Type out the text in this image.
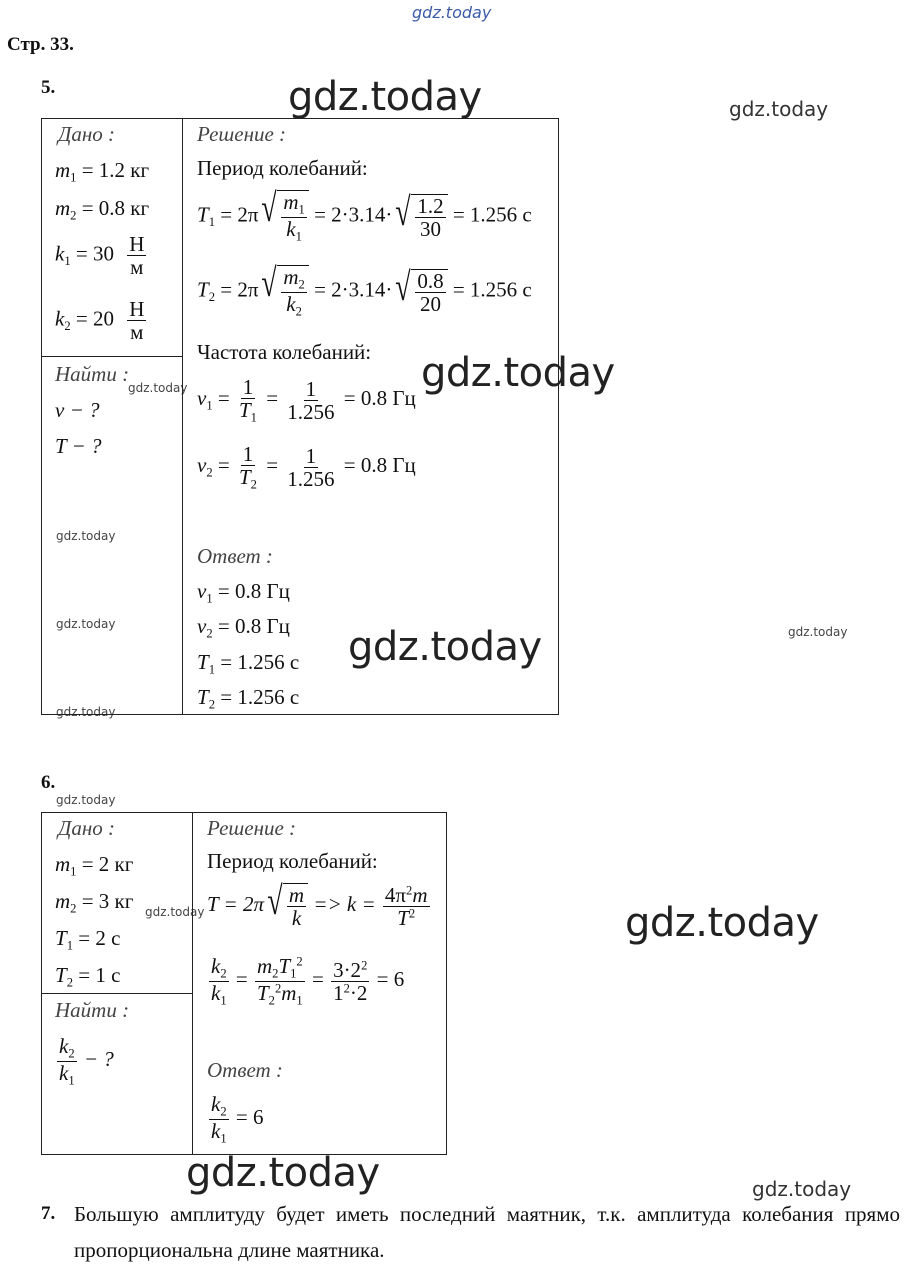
gdz.today
gdz.today	gdz.today
gdz.today
gdz.today
gdz.today
gdz.today	gdz.today	gdz.today
gdz.today
gdz.today
gdz.today	gdz.today
gdz.today	gdz.today
Стр. 33.
5.
Дано :
$m_1 = 1.2$ кг
$m_2 = 0.8$ кг
$k_1 = 30 \frac{Н}{м}$
$k_2 = 20 \frac{Н}{м}$
Найти :
ν − ?
T − ?
Решение :
Период колебаний:
$T_1 = 2\pi$ √ $\frac{m_1}{k_1} = 2\cdot 3.14\cdot$ √ $\frac{1.2}{30} = 1.256$ с
$T_2 = 2\pi$ √ $\frac{m_2}{k_2} = 2\cdot 3.14\cdot$ √ $\frac{0.8}{20} = 1.256$ с
Частота колебаний:
$\nu_1 = \frac{1}{T_1} = \frac{1}{1.256} = 0.8$ Гц
$\nu_2 = \frac{1}{T_2} = \frac{1}{1.256} = 0.8$ Гц
Ответ :
$\nu_1 = 0.8$ Гц
$\nu_2 = 0.8$ Гц
$T_1 = 1.256$ с
$T_2 = 1.256$ с
6.
Дано :
$m_1 = 2$ кг
$m_2 = 3$ кг
$T_1 = 2$ с
$T_2 = 1$ с
Найти :
$\frac{k_2}{k_1}$ − ?
Решение :
Период колебаний:
T = 2π √ $\frac{m}{k} => k = \frac{4\pi^2m}{T^2}$
$\frac{k_2}{k_1} = \frac{m_2T_1^2}{T_2^2m_1} = \frac{3\cdot 2^2}{1^2\cdot 2} = 6$
Ответ :
$\frac{k_2}{k_1} = 6$
7. Большую амплитуду будет иметь последний маятник, т.к. амплитуда колебания прямо пропорциональна длине маятника.
